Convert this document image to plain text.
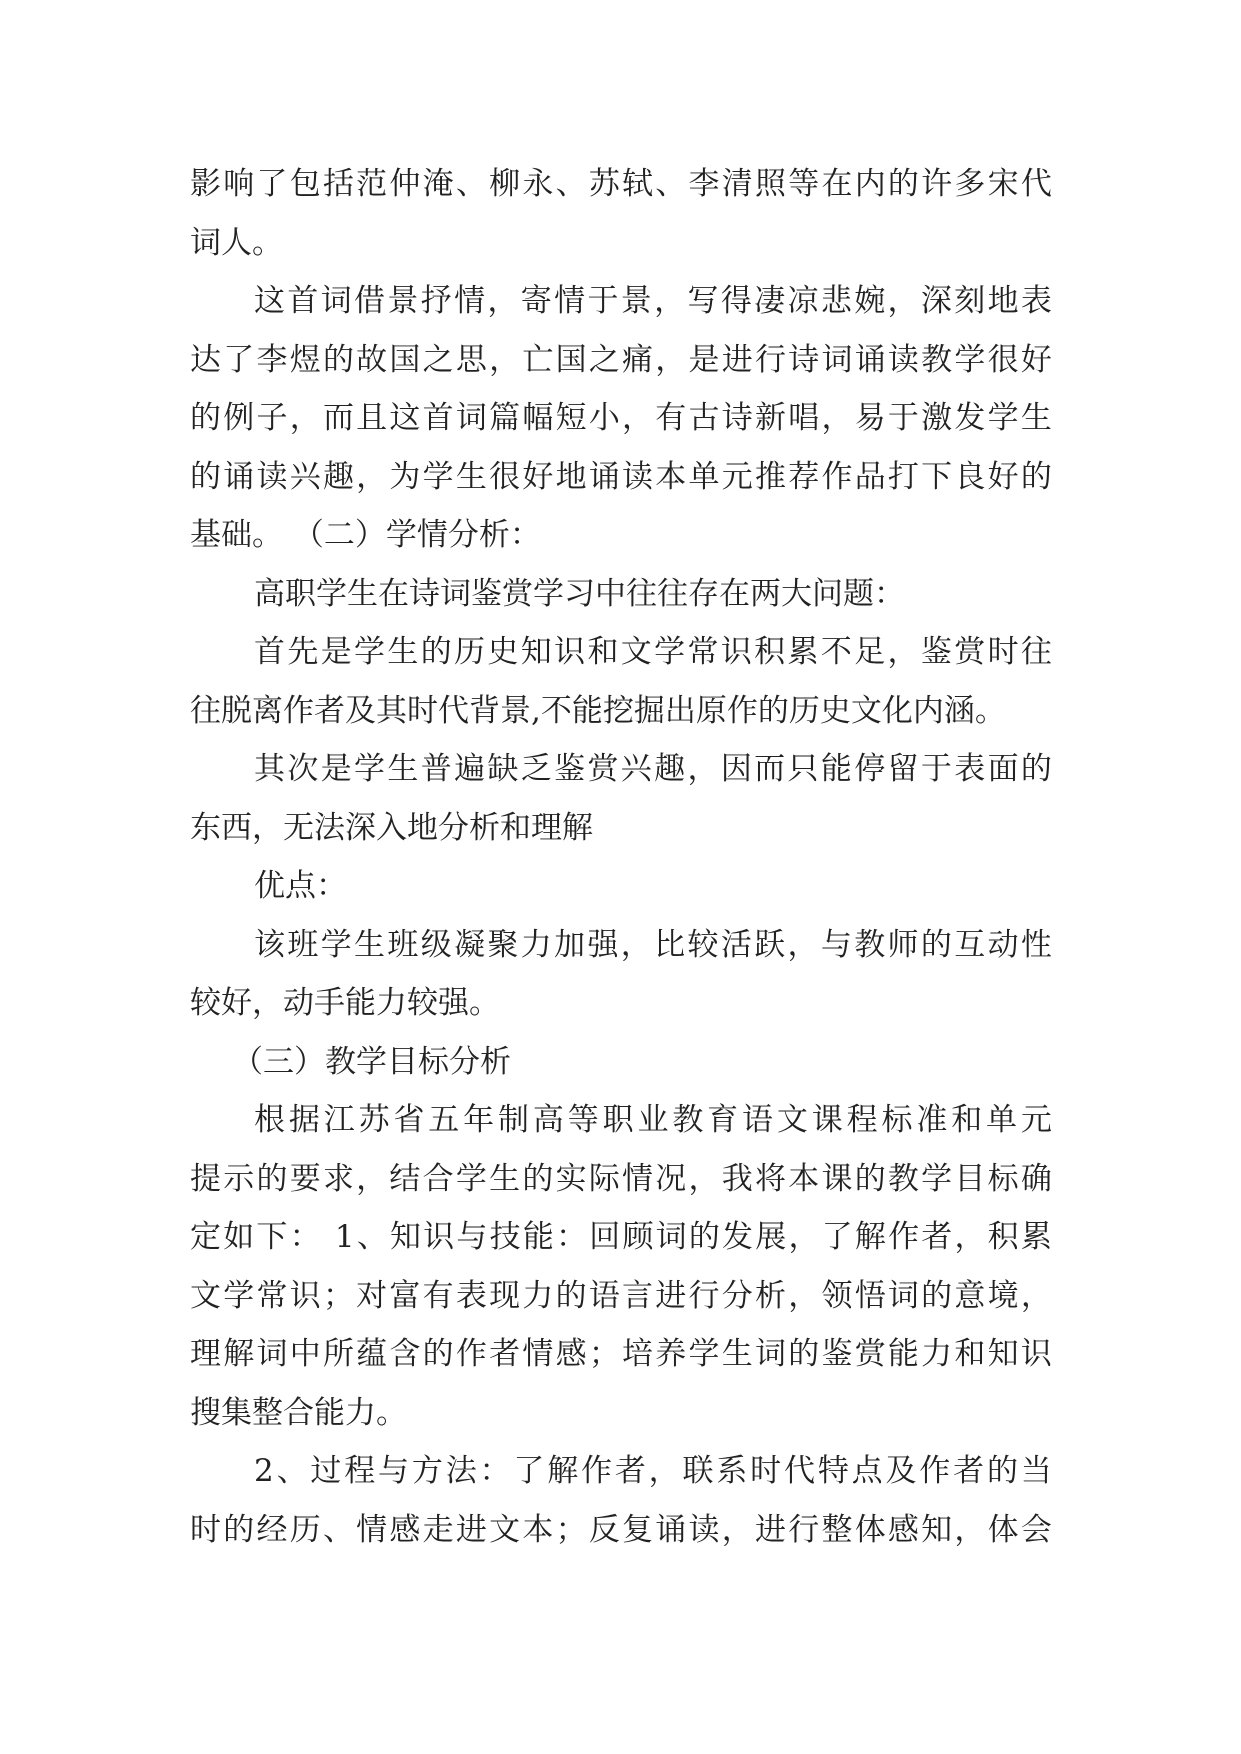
影 响 了 包 括 范 仲 淹 、 柳 永 、 苏 轼 、 李 清 照 等 在 内 的 许 多 宋 代
词人。
这 首 词 借 景 抒 情 ， 寄 情 于 景 ， 写 得 凄 凉 悲 婉 ， 深 刻 地 表
达 了 李 煜 的 故 国 之 思 ， 亡 国 之 痛 ， 是 进 行 诗 词 诵 读 教 学 很 好
的 例 子 ， 而 且 这 首 词 篇 幅 短 小 ， 有 古 诗 新 唱 ， 易 于 激 发 学 生
的 诵 读 兴 趣 ， 为 学 生 很 好 地 诵 读 本 单 元 推 荐 作 品 打 下 良 好 的
基础。 （二）学情分析：
高职学生在诗词鉴赏学习中往往存在两大问题：
首 先 是 学 生 的 历 史 知 识 和 文 学 常 识 积 累 不 足 ， 鉴 赏 时 往
往脱离作者及其时代背景,不能挖掘出原作的历史文化内涵。
其 次 是 学 生 普 遍 缺 乏 鉴 赏 兴 趣 ， 因 而 只 能 停 留 于 表 面 的
东西，无法深入地分析和理解
优点：
该 班 学 生 班 级 凝 聚 力 加 强 ， 比 较 活 跃 ， 与 教 师 的 互 动 性
较好，动手能力较强。
（三）教学目标分析
根 据 江 苏 省 五 年 制 高 等 职 业 教 育 语 文 课 程 标 准 和 单 元
提 示 的 要 求 ， 结 合 学 生 的 实 际 情 况 ， 我 将 本 课 的 教 学 目 标 确
定 如 下 ：
1 、 知 识 与 技 能 ： 回 顾 词 的 发 展 ， 了 解 作 者 ， 积 累
文 学 常 识 ； 对 富 有 表 现 力 的 语 言 进 行 分 析 ， 领 悟 词 的 意 境 ，
理 解 词 中 所 蕴 含 的 作 者 情 感 ； 培 养 学 生 词 的 鉴 赏 能 力 和 知 识
搜集整合能力。
2 、 过 程 与 方 法 ： 了 解 作 者 ， 联 系 时 代 特 点 及 作 者 的 当
时 的 经 历 、 情 感 走 进 文 本 ； 反 复 诵 读 ， 进 行 整 体 感 知 ， 体 会
